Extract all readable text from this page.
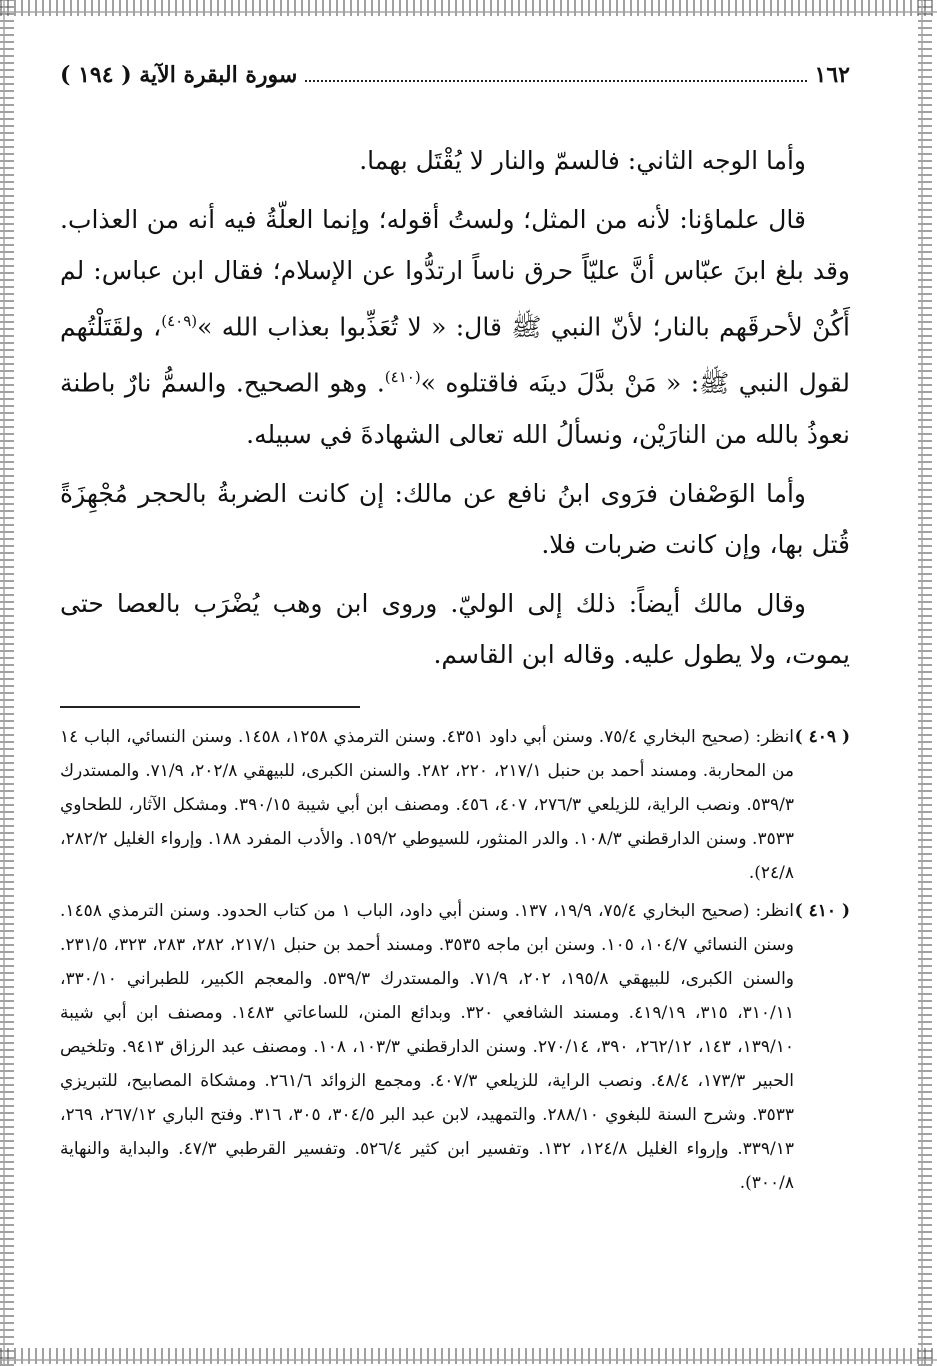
١٦٢
سورة البقرة الآية ( ١٩٤ )

وأما الوجه الثاني: فالسمّ والنار لا يُقْتَل بهما.

قال علماؤنا: لأنه من المثل؛ ولستُ أقوله؛ وإنما العلّةُ فيه أنه من العذاب. وقد بلغ ابنَ عبّاس أنَّ عليّاً حرق ناساً ارتدُّوا عن الإسلام؛ فقال ابن عباس: لم أَكُنْ لأحرقَهم بالنار؛ لأنّ النبي ﷺ قال: « لا تُعَذِّبوا بعذاب الله »$^{(٤٠٩)}$، ولقَتَلْتُهم لقول النبي ﷺ: « مَنْ بدَّلَ دينَه فاقتلوه »$^{(٤١٠)}$. وهو الصحيح. والسمُّ نارٌ باطنة نعوذُ بالله من النارَيْن، ونسألُ الله تعالى الشهادةَ في سبيله.

وأما الوَصْفان فرَوى ابنُ نافع عن مالك: إن كانت الضربةُ بالحجر مُجْهِزَةً قُتل بها، وإن كانت ضربات فلا.

وقال مالك أيضاً: ذلك إلى الوليّ. وروى ابن وهب يُضْرَب بالعصا حتى يموت، ولا يطول عليه. وقاله ابن القاسم.

( ٤٠٩ )
انظر: (صحيح البخاري ٧٥/٤. وسنن أبي داود ٤٣٥١. وسنن الترمذي ١٢٥٨، ١٤٥٨. وسنن النسائي، الباب ١٤ من المحاربة. ومسند أحمد بن حنبل ٢١٧/١، ٢٢٠، ٢٨٢. والسنن الكبرى، للبيهقي ٢٠٢/٨، ٧١/٩. والمستدرك ٥٣٩/٣. ونصب الراية، للزيلعي ٢٧٦/٣، ٤٠٧، ٤٥٦. ومصنف ابن أبي شيبة ٣٩٠/١٥. ومشكل الآثار، للطحاوي ٣٥٣٣. وسنن الدارقطني ١٠٨/٣. والدر المنثور، للسيوطي ١٥٩/٢. والأدب المفرد ١٨٨. وإرواء الغليل ٢٨٢/٢، ٢٤/٨).
( ٤١٠ )
انظر: (صحيح البخاري ٧٥/٤، ١٩/٩، ١٣٧. وسنن أبي داود، الباب ١ من كتاب الحدود. وسنن الترمذي ١٤٥٨. وسنن النسائي ١٠٤/٧، ١٠٥. وسنن ابن ماجه ٣٥٣٥. ومسند أحمد بن حنبل ٢١٧/١، ٢٨٢، ٢٨٣، ٣٢٣، ٢٣١/٥. والسنن الكبرى، للبيهقي ١٩٥/٨، ٢٠٢، ٧١/٩. والمستدرك ٥٣٩/٣. والمعجم الكبير، للطبراني ٣٣٠/١٠، ٣١٠/١١، ٣١٥، ٤١٩/١٩. ومسند الشافعي ٣٢٠. وبدائع المنن، للساعاتي ١٤٨٣. ومصنف ابن أبي شيبة ١٣٩/١٠، ١٤٣، ٢٦٢/١٢، ٣٩٠، ٢٧٠/١٤. وسنن الدارقطني ١٠٣/٣، ١٠٨. ومصنف عبد الرزاق ٩٤١٣. وتلخيص الحبير ١٧٣/٣، ٤٨/٤. ونصب الراية، للزيلعي ٤٠٧/٣. ومجمع الزوائد ٢٦١/٦. ومشكاة المصابيح، للتبريزي ٣٥٣٣. وشرح السنة للبغوي ٢٨٨/١٠. والتمهيد، لابن عبد البر ٣٠٤/٥، ٣٠٥، ٣١٦. وفتح الباري ٢٦٧/١٢، ٢٦٩، ٣٣٩/١٣. وإرواء الغليل ١٢٤/٨، ١٣٢. وتفسير ابن كثير ٥٢٦/٤. وتفسير القرطبي ٤٧/٣. والبداية والنهاية ٣٠٠/٨).
